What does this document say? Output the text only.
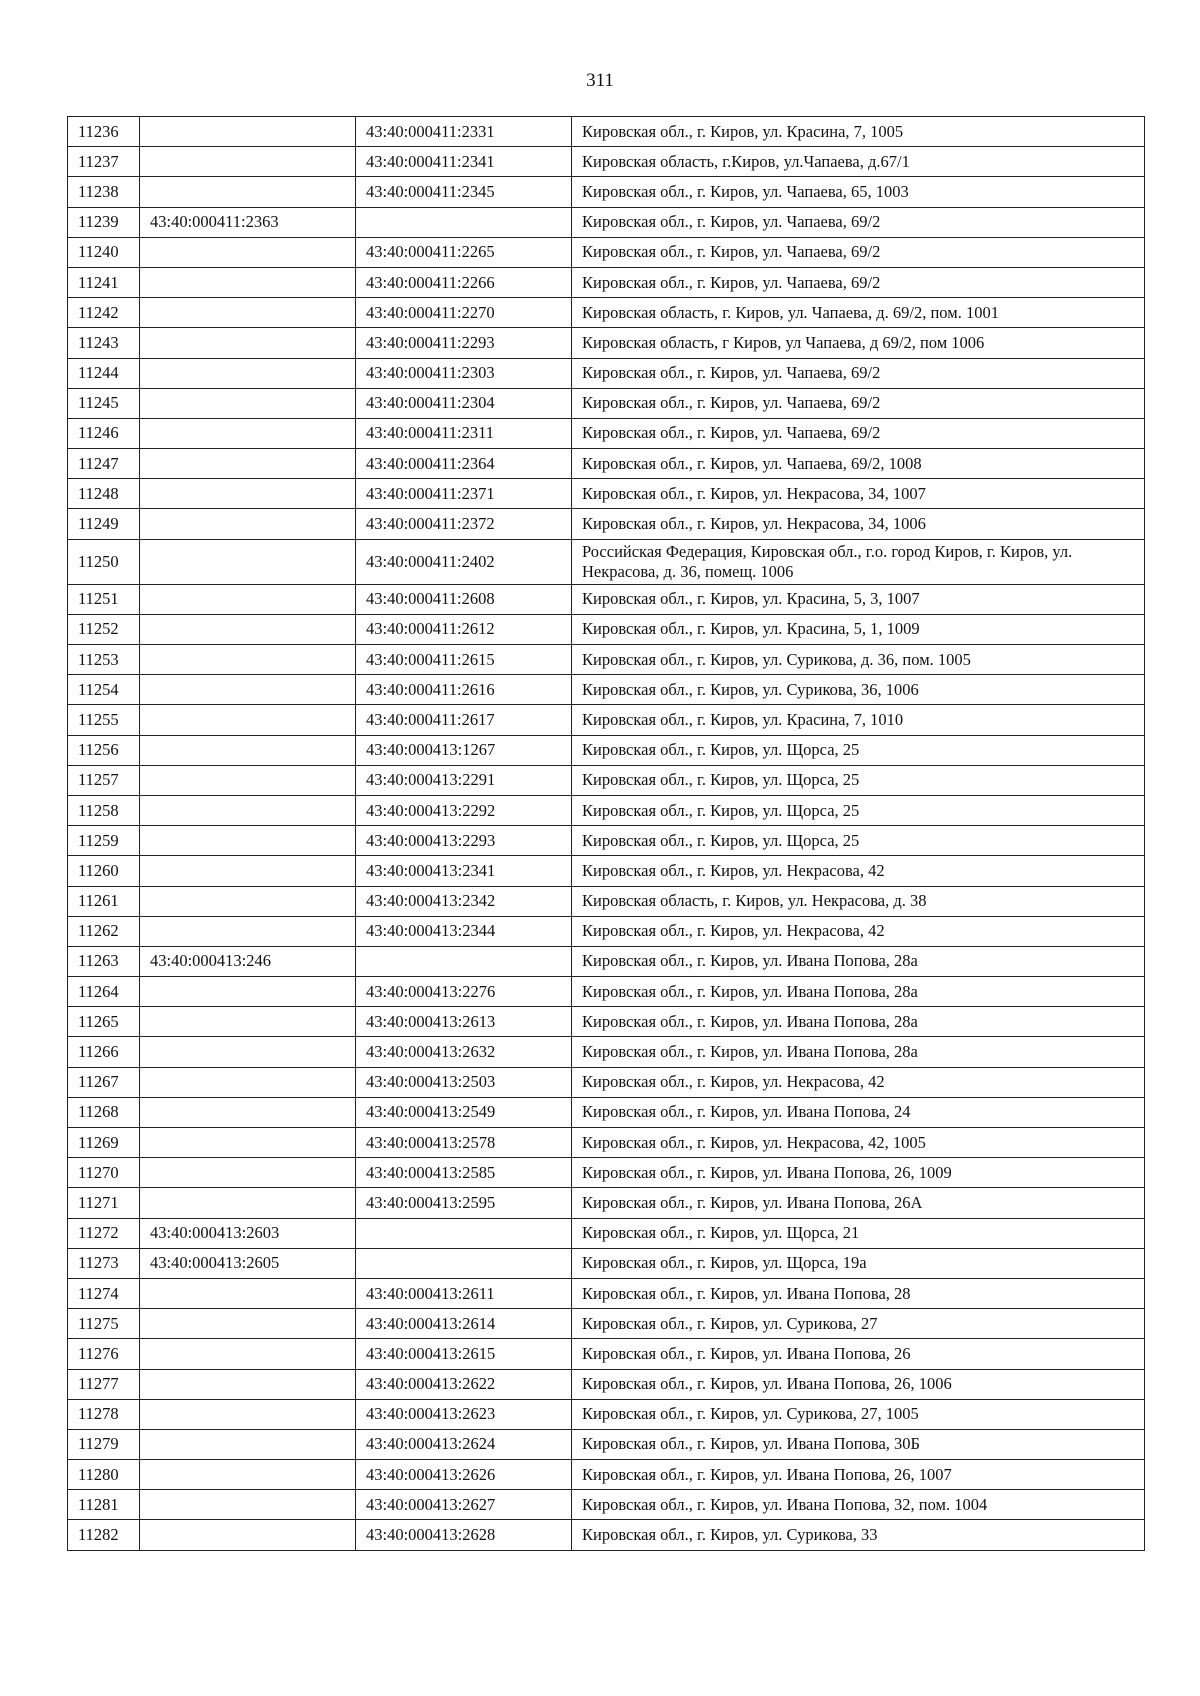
311
11236		43:40:000411:2331	Кировская обл., г. Киров, ул. Красина, 7, 1005
11237		43:40:000411:2341	Кировская область, г.Киров, ул.Чапаева, д.67/1
11238		43:40:000411:2345	Кировская обл., г. Киров, ул. Чапаева, 65, 1003
11239	43:40:000411:2363		Кировская обл., г. Киров, ул. Чапаева, 69/2
11240		43:40:000411:2265	Кировская обл., г. Киров, ул. Чапаева, 69/2
11241		43:40:000411:2266	Кировская обл., г. Киров, ул. Чапаева, 69/2
11242		43:40:000411:2270	Кировская область, г. Киров, ул. Чапаева, д. 69/2, пом. 1001
11243		43:40:000411:2293	Кировская область, г Киров, ул Чапаева, д 69/2, пом 1006
11244		43:40:000411:2303	Кировская обл., г. Киров, ул. Чапаева, 69/2
11245		43:40:000411:2304	Кировская обл., г. Киров, ул. Чапаева, 69/2
11246		43:40:000411:2311	Кировская обл., г. Киров, ул. Чапаева, 69/2
11247		43:40:000411:2364	Кировская обл., г. Киров, ул. Чапаева, 69/2, 1008
11248		43:40:000411:2371	Кировская обл., г. Киров, ул. Некрасова, 34, 1007
11249		43:40:000411:2372	Кировская обл., г. Киров, ул. Некрасова, 34, 1006
11250		43:40:000411:2402	Российская Федерация, Кировская обл., г.о. город Киров, г. Киров, ул. Некрасова, д. 36, помещ. 1006
11251		43:40:000411:2608	Кировская обл., г. Киров, ул. Красина, 5, 3, 1007
11252		43:40:000411:2612	Кировская обл., г. Киров, ул. Красина, 5, 1, 1009
11253		43:40:000411:2615	Кировская обл., г. Киров, ул. Сурикова, д. 36, пом. 1005
11254		43:40:000411:2616	Кировская обл., г. Киров, ул. Сурикова, 36, 1006
11255		43:40:000411:2617	Кировская обл., г. Киров, ул. Красина, 7, 1010
11256		43:40:000413:1267	Кировская обл., г. Киров, ул. Щорса, 25
11257		43:40:000413:2291	Кировская обл., г. Киров, ул. Щорса, 25
11258		43:40:000413:2292	Кировская обл., г. Киров, ул. Щорса, 25
11259		43:40:000413:2293	Кировская обл., г. Киров, ул. Щорса, 25
11260		43:40:000413:2341	Кировская обл., г. Киров, ул. Некрасова, 42
11261		43:40:000413:2342	Кировская область, г. Киров, ул. Некрасова, д. 38
11262		43:40:000413:2344	Кировская обл., г. Киров, ул. Некрасова, 42
11263	43:40:000413:246		Кировская обл., г. Киров, ул. Ивана Попова, 28а
11264		43:40:000413:2276	Кировская обл., г. Киров, ул. Ивана Попова, 28а
11265		43:40:000413:2613	Кировская обл., г. Киров, ул. Ивана Попова, 28а
11266		43:40:000413:2632	Кировская обл., г. Киров, ул. Ивана Попова, 28а
11267		43:40:000413:2503	Кировская обл., г. Киров, ул. Некрасова, 42
11268		43:40:000413:2549	Кировская обл., г. Киров, ул. Ивана Попова, 24
11269		43:40:000413:2578	Кировская обл., г. Киров, ул. Некрасова, 42, 1005
11270		43:40:000413:2585	Кировская обл., г. Киров, ул. Ивана Попова, 26, 1009
11271		43:40:000413:2595	Кировская обл., г. Киров, ул. Ивана Попова, 26А
11272	43:40:000413:2603		Кировская обл., г. Киров, ул. Щорса, 21
11273	43:40:000413:2605		Кировская обл., г. Киров, ул. Щорса, 19а
11274		43:40:000413:2611	Кировская обл., г. Киров, ул. Ивана Попова, 28
11275		43:40:000413:2614	Кировская обл., г. Киров, ул. Сурикова, 27
11276		43:40:000413:2615	Кировская обл., г. Киров, ул. Ивана Попова, 26
11277		43:40:000413:2622	Кировская обл., г. Киров, ул. Ивана Попова, 26, 1006
11278		43:40:000413:2623	Кировская обл., г. Киров, ул. Сурикова, 27, 1005
11279		43:40:000413:2624	Кировская обл., г. Киров, ул. Ивана Попова, 30Б
11280		43:40:000413:2626	Кировская обл., г. Киров, ул. Ивана Попова, 26, 1007
11281		43:40:000413:2627	Кировская обл., г. Киров, ул. Ивана Попова, 32, пом. 1004
11282		43:40:000413:2628	Кировская обл., г. Киров, ул. Сурикова, 33
